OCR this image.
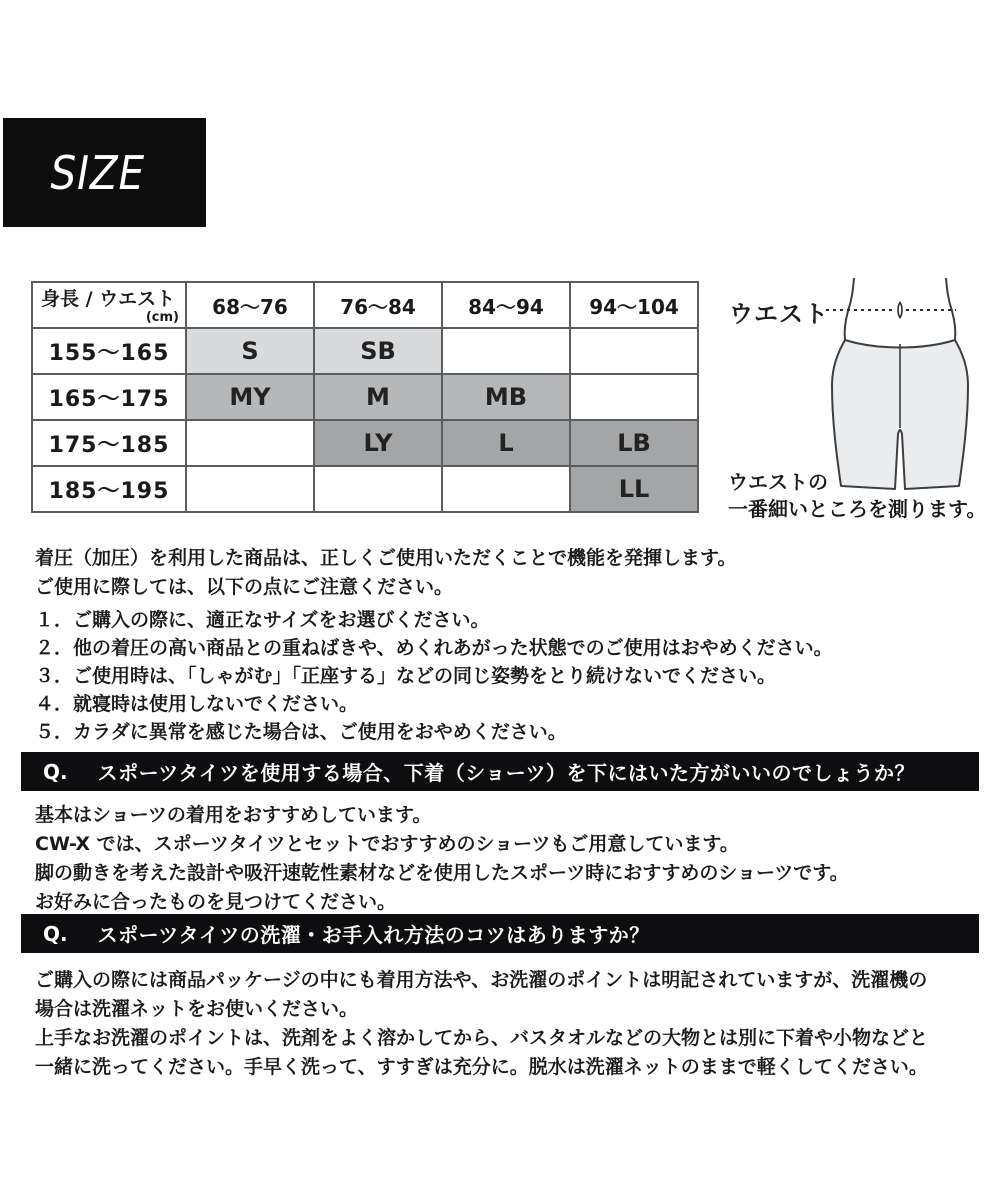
SIZE
身長 / ウエスト
(cm)	68〜76	76〜84	84〜94	94〜104
155〜165	S	SB		
165〜175	MY	M	MB	
175〜185		LY	L	LB
185〜195				LL
ウエスト
ウエストの
一番細いところを測ります。
着圧（加圧）を利用した商品は、正しくご使用いただくことで機能を発揮します。
ご使用に際しては、以下の点にご注意ください。
１．ご購入の際に、適正なサイズをお選びください。
２．他の着圧の高い商品との重ねばきや、めくれあがった状態でのご使用はおやめください。
３．ご使用時は、「しゃがむ」「正座する」などの同じ姿勢をとり続けないでください。
４．就寝時は使用しないでください。
５．カラダに異常を感じた場合は、ご使用をおやめください。
Q. スポーツタイツを使用する場合、下着（ショーツ）を下にはいた方がいいのでしょうか？
基本はショーツの着用をおすすめしています。
CW-X では、スポーツタイツとセットでおすすめのショーツもご用意しています。
脚の動きを考えた設計や吸汗速乾性素材などを使用したスポーツ時におすすめのショーツです。
お好みに合ったものを見つけてください。
Q. スポーツタイツの洗濯・お手入れ方法のコツはありますか？
ご購入の際には商品パッケージの中にも着用方法や、お洗濯のポイントは明記されていますが、洗濯機の
場合は洗濯ネットをお使いください。
上手なお洗濯のポイントは、洗剤をよく溶かしてから、バスタオルなどの大物とは別に下着や小物などと
一緒に洗ってください。手早く洗って、すすぎは充分に。脱水は洗濯ネットのままで軽くしてください。
